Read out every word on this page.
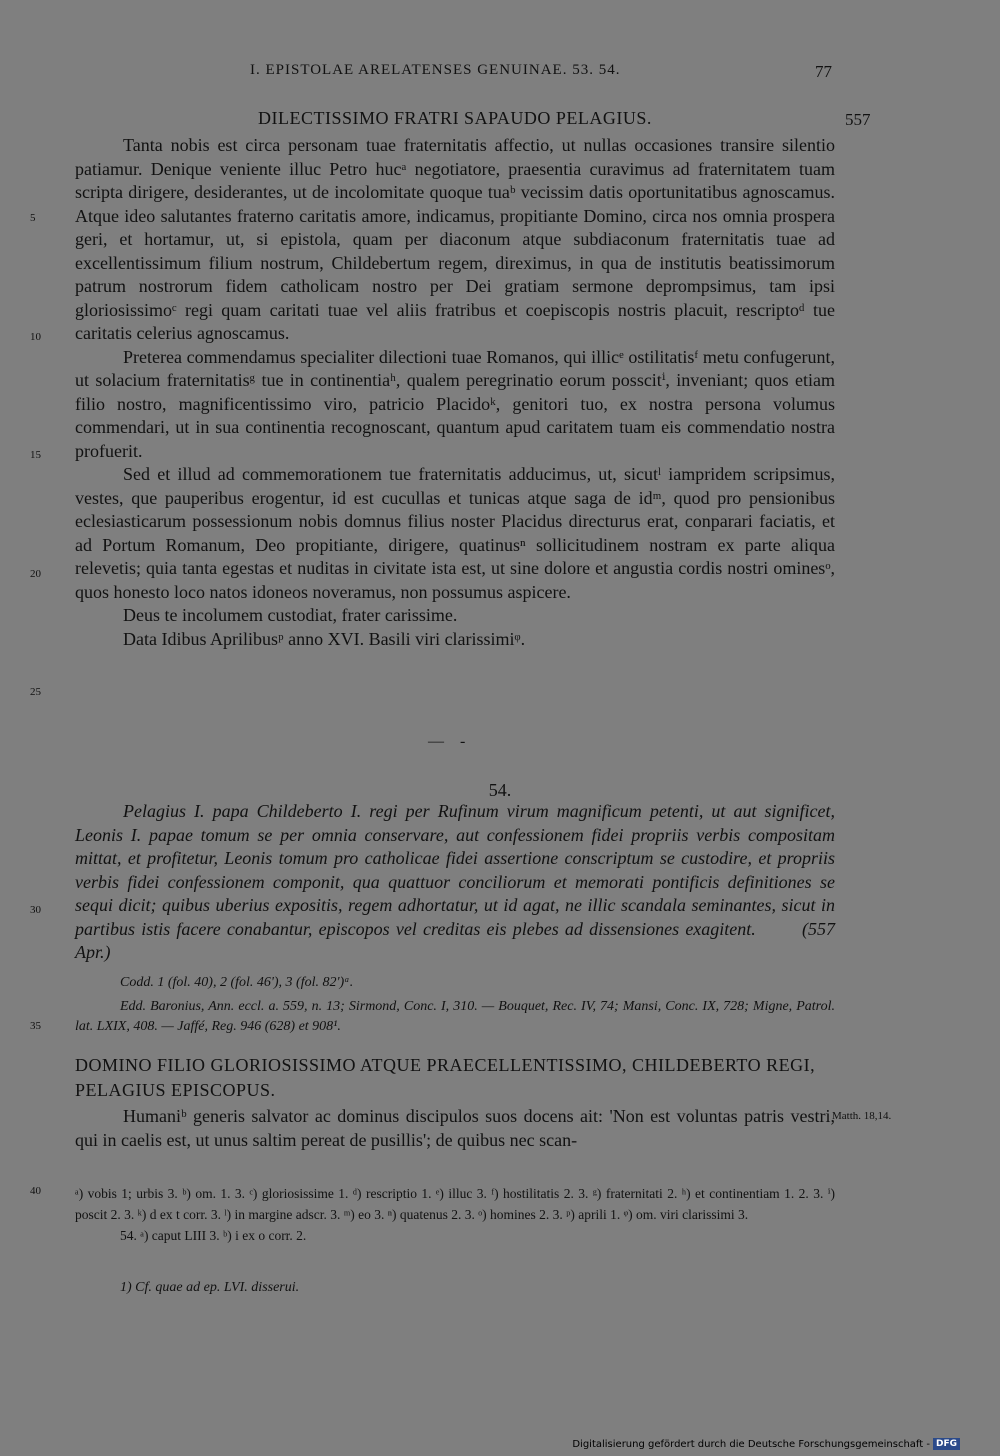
I. EPISTOLAE ARELATENSES GENUINAE. 53. 54.	77
DILECTISSIMO FRATRI SAPAUDO PELAGIUS.	557

Tanta nobis est circa personam tuae fraternitatis affectio, ut nullas occasiones transire silentio patiamur. Denique veniente illuc Petro hucᵃ negotiatore, praesentia curavimus ad fraternitatem tuam scripta dirigere, desiderantes, ut de incolomitate quoque tuaᵇ vecissim datis oportunitatibus agnoscamus. Atque ideo salutantes fraterno caritatis amore, indicamus, propitiante Domino, circa nos omnia prospera geri, et hortamur, ut, si epistola, quam per diaconum atque subdiaconum fraternitatis tuae ad excellentissimum filium nostrum, Childebertum regem, direximus, in qua de institutis beatissimorum patrum nostrorum fidem catholicam nostro per Dei gratiam sermone deprompsimus, tam ipsi gloriosissimoᶜ regi quam caritati tuae vel aliis fratribus et coepiscopis nostris placuit, rescriptoᵈ tue caritatis celerius agnoscamus.

Preterea commendamus specialiter dilectioni tuae Romanos, qui illicᵉ ostilitatisᶠ metu confugerunt, ut solacium fraternitatisᵍ tue in continentiaʰ, qualem peregrinatio eorum posscitⁱ, inveniant; quos etiam filio nostro, magnificentissimo viro, patricio Placidoᵏ, genitori tuo, ex nostra persona volumus commendari, ut in sua continentia recognoscant, quantum apud caritatem tuam eis commendatio nostra profuerit.

Sed et illud ad commemorationem tue fraternitatis adducimus, ut, sicutˡ iampridem scripsimus, vestes, que pauperibus erogentur, id est cucullas et tunicas atque saga de idᵐ, quod pro pensionibus eclesiasticarum possessionum nobis domnus filius noster Placidus directurus erat, conparari faciatis, et ad Portum Romanum, Deo propitiante, dirigere, quatinusⁿ sollicitudinem nostram ex parte aliqua relevetis; quia tanta egestas et nuditas in civitate ista est, ut sine dolore et angustia cordis nostri ominesᵒ, quos honesto loco natos idoneos noveramus, non possumus aspicere.

Deus te incolumem custodiat, frater carissime.

Data Idibus Aprilibusᵖ anno XVI. Basili viri clarissimiᵠ.

5
10
15
20
25
30
35
40
— -
54.
Pelagius I. papa Childeberto I. regi per Rufinum virum magnificum petenti, ut aut significet, Leonis I. papae tomum se per omnia conservare, aut confessionem fidei propriis verbis compositam mittat, et profitetur, Leonis tomum pro catholicae fidei assertione conscriptum se custodire, et propriis verbis fidei confessionem componit, qua quattuor conciliorum et memorati pontificis definitiones se sequi dicit; quibus uberius expositis, regem adhortatur, ut id agat, ne illic scandala seminantes, sicut in partibus istis facere conabantur, episcopos vel creditas eis plebes ad dissensiones exagitent.	(557 Apr.)
Codd. 1 (fol. 40), 2 (fol. 46'), 3 (fol. 82')ᵃ.
Edd. Baronius, Ann. eccl. a. 559, n. 13; Sirmond, Conc. I, 310. — Bouquet, Rec. IV, 74; Mansi, Conc. IX, 728; Migne, Patrol. lat. LXIX, 408. — Jaffé, Reg. 946 (628) et 908¹.
DOMINO FILIO GLORIOSISSIMO ATQUE PRAECELLENTISSIMO, CHILDEBERTO REGI, PELAGIUS EPISCOPUS.
Humaniᵇ generis salvator ac dominus discipulos suos docens ait: 'Non est voluntas patris vestri, qui in caelis est, ut unus saltim pereat de pusillis'; de quibus nec scan-
Matth. 18,14.
ᵃ) vobis 1; urbis 3. ᵇ) om. 1. 3. ᶜ) gloriosissime 1. ᵈ) rescriptio 1. ᵉ) illuc 3. ᶠ) hostilitatis 2. 3. ᵍ) fraternitati 2. ʰ) et continentiam 1. 2. 3. ⁱ) poscit 2. 3. ᵏ) d ex t corr. 3. ˡ) in margine adscr. 3. ᵐ) eo 3. ⁿ) quatenus 2. 3. ᵒ) homines 2. 3. ᵖ) aprili 1. ᵠ) om. viri clarissimi 3.
54. ᵃ) caput LIII 3. ᵇ) i ex o corr. 2.
1) Cf. quae ad ep. LVI. disserui.
Digitalisierung gefördert durch die Deutsche Forschungsgemeinschaft - DFG
